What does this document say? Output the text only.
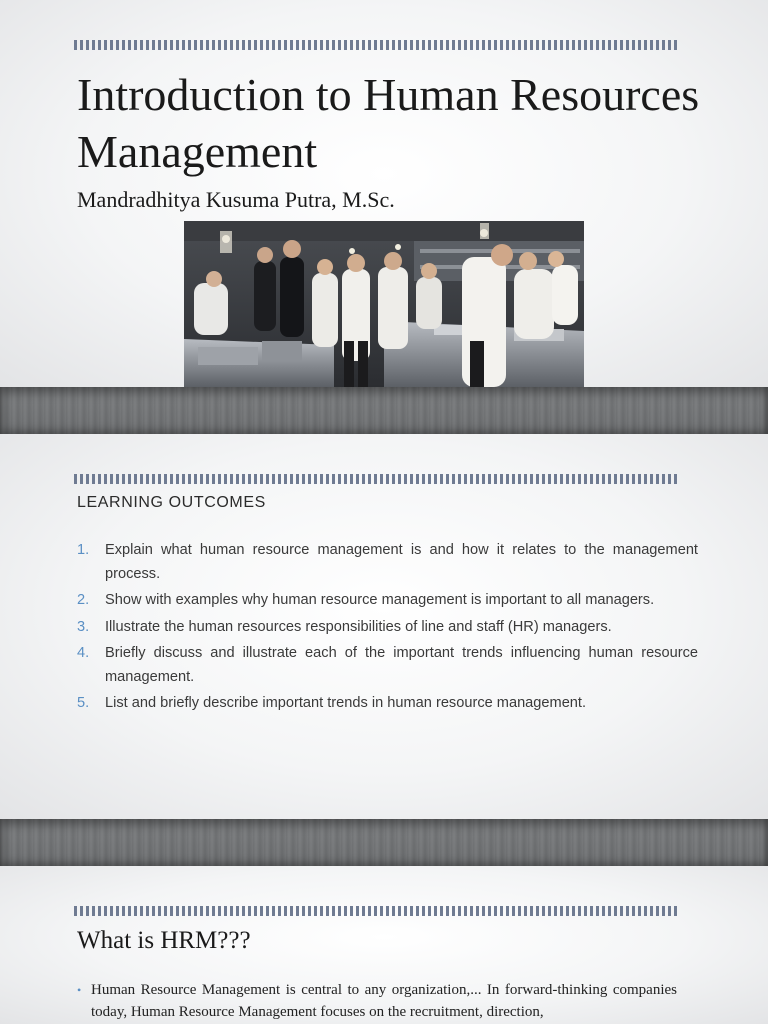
Introduction to Human Resources Management

Mandradhitya Kusuma Putra, M.Sc.

LEARNING OUTCOMES
1.	Explain what human resource management is and how it relates to the management process.
2.	Show with examples why human resource management is important to all managers.
3.	Illustrate the human resources responsibilities of line and staff (HR) managers.
4.	Briefly discuss and illustrate each of the important trends influencing human resource management.
5.	List and briefly describe important trends in human resource management.
What is HRM???
• Human Resource Management is central to any organization,... In forward-thinking companies today, Human Resource Management focuses on the recruitment, direction,
